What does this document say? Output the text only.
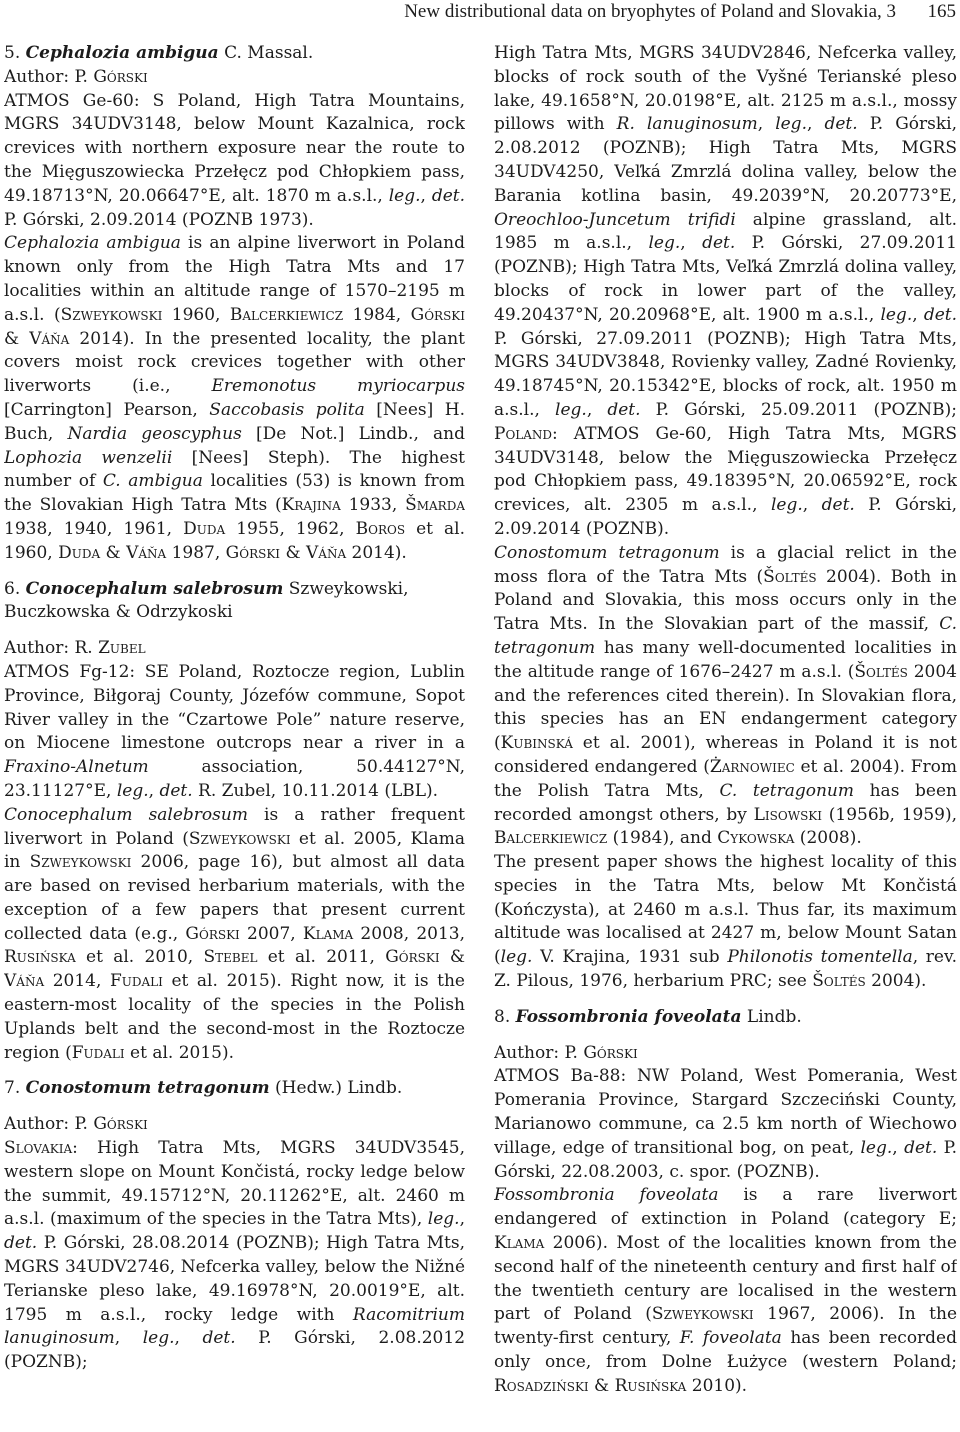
New distributional data on bryophytes of Poland and Slovakia, 3 165

5. Cephalozia ambigua C. Massal.

Author: P. Górski

ATMOS Ge-60: S Poland, High Tatra Mountains, MGRS 34UDV3148, below Mount Kazalnica, rock crevices with northern exposure near the route to the Mięguszowiecka Przełęcz pod Chłopkiem pass, 49.18713°N, 20.06647°E, alt. 1870 m a.s.l., leg., det. P. Górski, 2.09.2014 (POZNB 1973).

Cephalozia ambigua is an alpine liverwort in Poland known only from the High Tatra Mts and 17 localities within an altitude range of 1570–2195 m a.s.l. (Szweykowski 1960, Balcerkiewicz 1984, Górski & Váňa 2014). In the presented locality, the plant covers moist rock crevices together with other liverworts (i.e., Eremonotus myriocarpus [Carrington] Pearson, Saccobasis polita [Nees] H. Buch, Nardia geoscyphus [De Not.] Lindb., and Lophozia wenzelii [Nees] Steph). The highest number of C. ambigua localities (53) is known from the Slovakian High Tatra Mts (Krajina 1933, Šmarda 1938, 1940, 1961, Duda 1955, 1962, Boros et al. 1960, Duda & Váňa 1987, Górski & Váňa 2014).

6. Conocephalum salebrosum Szweykowski, Buczkowska & Odrzykoski

Author: R. Zubel

ATMOS Fg-12: SE Poland, Roztocze region, Lublin Province, Biłgoraj County, Józefów commune, Sopot River valley in the “Czartowe Pole” nature reserve, on Miocene limestone outcrops near a river in a Fraxino-Alnetum association, 50.44127°N, 23.11127°E, leg., det. R. Zubel, 10.11.2014 (LBL).

Conocephalum salebrosum is a rather frequent liverwort in Poland (Szweykowski et al. 2005, Klama in Szweykowski 2006, page 16), but almost all data are based on revised herbarium materials, with the exception of a few papers that present current collected data (e.g., Górski 2007, Klama 2008, 2013, Rusińska et al. 2010, Stebel et al. 2011, Górski & Váňa 2014, Fudali et al. 2015). Right now, it is the eastern-most locality of the species in the Polish Uplands belt and the second-most in the Roztocze region (Fudali et al. 2015).

7. Conostomum tetragonum (Hedw.) Lindb.

Author: P. Górski

Slovakia: High Tatra Mts, MGRS 34UDV3545, western slope on Mount Končistá, rocky ledge below the summit, 49.15712°N, 20.11262°E, alt. 2460 m a.s.l. (maximum of the species in the Tatra Mts), leg., det. P. Górski, 28.08.2014 (POZNB); High Tatra Mts, MGRS 34UDV2746, Nefcerka valley, below the Nižné Terianske pleso lake, 49.16978°N, 20.0019°E, alt. 1795 m a.s.l., rocky ledge with Racomitrium lanuginosum, leg., det. P. Górski, 2.08.2012 (POZNB);

High Tatra Mts, MGRS 34UDV2846, Nefcerka valley, blocks of rock south of the Vyšné Terianské pleso lake, 49.1658°N, 20.0198°E, alt. 2125 m a.s.l., mossy pillows with R. lanuginosum, leg., det. P. Górski, 2.08.2012 (POZNB); High Tatra Mts, MGRS 34UDV4250, Veľká Zmrzlá dolina valley, below the Barania kotlina basin, 49.2039°N, 20.20773°E, Oreochloo-Juncetum trifidi alpine grassland, alt. 1985 m a.s.l., leg., det. P. Górski, 27.09.2011 (POZNB); High Tatra Mts, Veľká Zmrzlá dolina valley, blocks of rock in lower part of the valley, 49.20437°N, 20.20968°E, alt. 1900 m a.s.l., leg., det. P. Górski, 27.09.2011 (POZNB); High Tatra Mts, MGRS 34UDV3848, Rovienky valley, Zadné Rovienky, 49.18745°N, 20.15342°E, blocks of rock, alt. 1950 m a.s.l., leg., det. P. Górski, 25.09.2011 (POZNB); Poland: ATMOS Ge-60, High Tatra Mts, MGRS 34UDV3148, below the Mięguszowiecka Przełęcz pod Chłopkiem pass, 49.18395°N, 20.06592°E, rock crevices, alt. 2305 m a.s.l., leg., det. P. Górski, 2.09.2014 (POZNB).

Conostomum tetragonum is a glacial relict in the moss flora of the Tatra Mts (Šoltés 2004). Both in Poland and Slovakia, this moss occurs only in the Tatra Mts. In the Slovakian part of the massif, C. tetragonum has many well-documented localities in the altitude range of 1676–2427 m a.s.l. (Šoltés 2004 and the references cited therein). In Slovakian flora, this species has an EN endangerment category (Kubinská et al. 2001), whereas in Poland it is not considered endangered (Żarnowiec et al. 2004). From the Polish Tatra Mts, C. tetragonum has been recorded amongst others, by Lisowski (1956b, 1959), Balcerkiewicz (1984), and Cykowska (2008).

The present paper shows the highest locality of this species in the Tatra Mts, below Mt Končistá (Kończysta), at 2460 m a.s.l. Thus far, its maximum altitude was localised at 2427 m, below Mount Satan (leg. V. Krajina, 1931 sub Philonotis tomentella, rev. Z. Pilous, 1976, herbarium PRC; see Šoltés 2004).

8. Fossombronia foveolata Lindb.

Author: P. Górski

ATMOS Ba-88: NW Poland, West Pomerania, West Pomerania Province, Stargard Szczeciński County, Marianowo commune, ca 2.5 km north of Wiechowo village, edge of transitional bog, on peat, leg., det. P. Górski, 22.08.2003, c. spor. (POZNB).

Fossombronia foveolata is a rare liverwort endangered of extinction in Poland (category E; Klama 2006). Most of the localities known from the second half of the nineteenth century and first half of the twentieth century are localised in the western part of Poland (Szweykowski 1967, 2006). In the twenty-first century, F. foveolata has been recorded only once, from Dolne Łużyce (western Poland; Rosadziński & Rusińska 2010).
